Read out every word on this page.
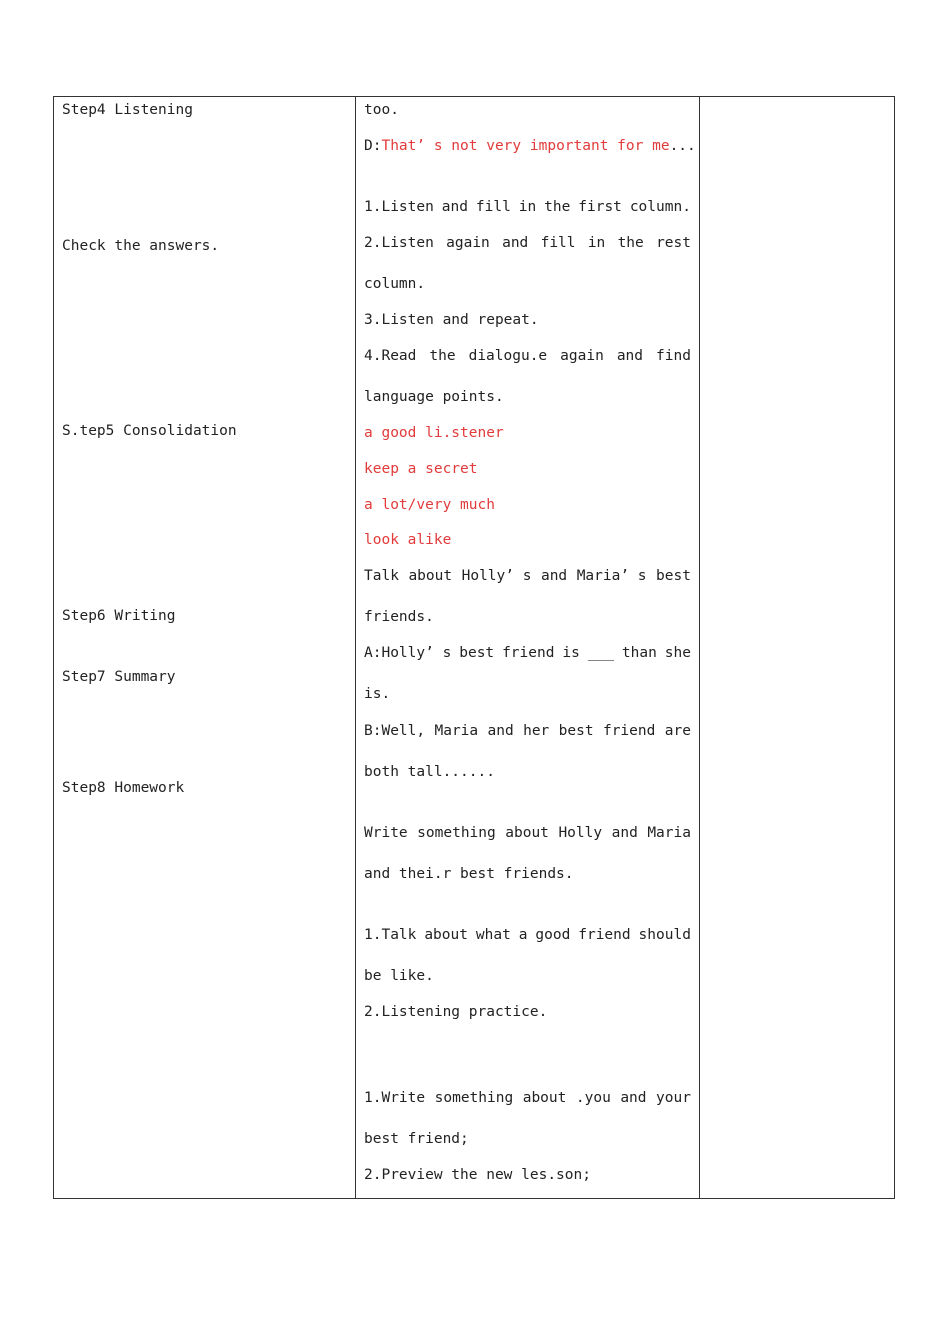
Step4 Listening
Check the answers.
S.tep5 Consolidation
Step6 Writing
Step7 Summary
Step8 Homework
too.
D:That’ s not very important for me...
1.Listen and fill in the first column.
2.Listen again and fill in the rest
column.
3.Listen and repeat.
4.Read the dialogu.e again and find
language points.
a good li.stener
keep a secret
a lot/very much
look alike
Talk about Holly’ s and Maria’ s best
friends.
A:Holly’ s best friend is ___ than she
is.
B:Well, Maria and her best friend are
both tall......
Write something about Holly and Maria
and thei.r best friends.
1.Talk about what a good friend should
be like.
2.Listening practice.
1.Write something about .you and your
best friend;
2.Preview the new les.son;
